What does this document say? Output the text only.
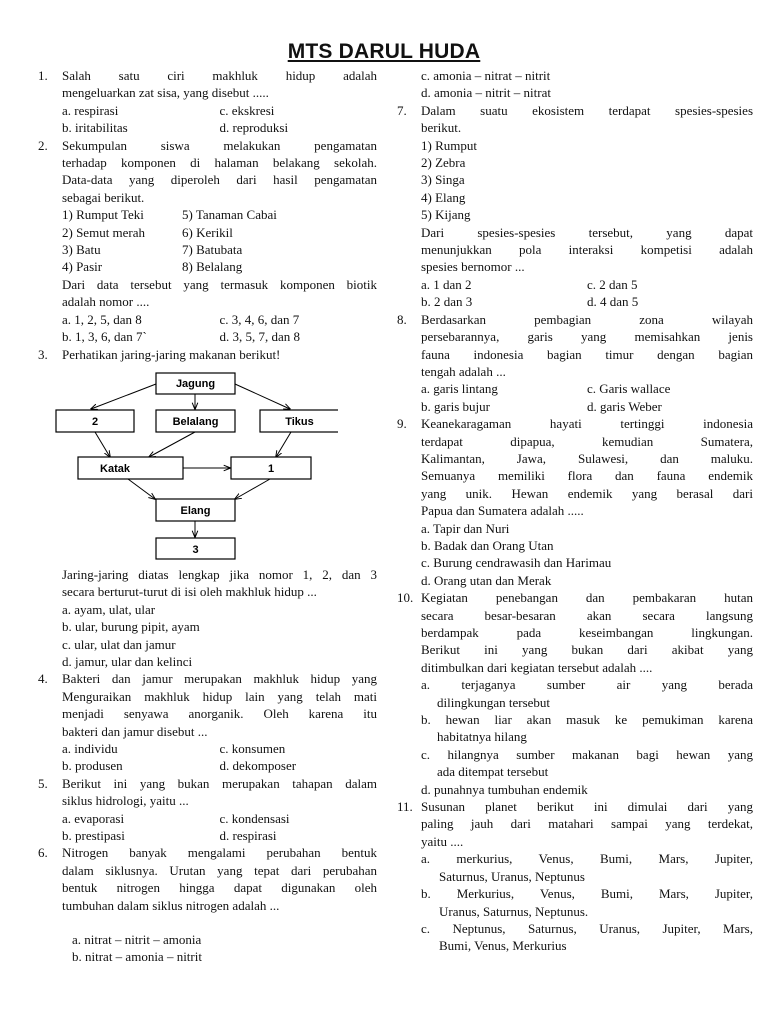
MTS DARUL HUDA
1.	Salah satu ciri makhluk hidup adalah
mengeluarkan zat sisa, yang disebut .....
a. respirasi	c. ekskresi
b. iritabilitas	d. reproduksi
2.	Sekumpulan siswa melakukan pengamatan
terhadap komponen di halaman belakang sekolah.
Data-data yang diperoleh dari hasil pengamatan
sebagai berikut.
1) Rumput Teki	5) Tanaman Cabai
2) Semut merah	6) Kerikil
3) Batu	7) Batubata
4) Pasir	8) Belalang
Dari data tersebut yang termasuk komponen biotik
adalah nomor ....
a. 1, 2, 5, dan 8	c. 3, 4, 6, dan 7
b. 1, 3, 6, dan 7`	d. 3, 5, 7, dan 8
3.	Perhatikan jaring-jaring makanan berikut!
Jagung
2	Belalang	Tikus
Katak	1
Elang
3
Jaring-jaring diatas lengkap jika nomor 1, 2, dan 3
secara berturut-turut di isi oleh makhluk hidup ...
a. ayam, ulat, ular
b. ular, burung pipit, ayam
c. ular, ulat dan jamur
d. jamur, ular dan kelinci
4.	Bakteri dan jamur merupakan makhluk hidup yang
Menguraikan makhluk hidup lain yang telah mati
menjadi senyawa anorganik. Oleh karena itu
bakteri dan jamur disebut ...
a. individu	c. konsumen
b. produsen	d. dekomposer
5.	Berikut ini yang bukan merupakan tahapan dalam
siklus hidrologi, yaitu ...
a. evaporasi	c. kondensasi
b. prestipasi	d. respirasi
6.	Nitrogen banyak mengalami perubahan bentuk
dalam siklusnya. Urutan yang tepat dari perubahan
bentuk nitrogen hingga dapat digunakan oleh
tumbuhan dalam siklus nitrogen adalah ...
a. nitrat – nitrit – amonia
b. nitrat – amonia – nitrit
c. amonia – nitrat – nitrit
d. amonia – nitrit – nitrat
7.	Dalam suatu ekosistem terdapat spesies-spesies
berikut.
1) Rumput
2) Zebra
3) Singa
4) Elang
5) Kijang
Dari spesies-spesies tersebut, yang dapat
menunjukkan pola interaksi kompetisi adalah
spesies bernomor ...
a. 1 dan 2	c. 2 dan 5
b. 2 dan 3	d. 4 dan 5
8.	Berdasarkan pembagian zona wilayah
persebarannya, garis yang memisahkan jenis
fauna indonesia bagian timur dengan bagian
tengah adalah ...
a. garis lintang	c. Garis wallace
b. garis bujur	d. garis Weber
9.	Keanekaragaman hayati tertinggi indonesia
terdapat dipapua, kemudian Sumatera,
Kalimantan, Jawa, Sulawesi, dan maluku.
Semuanya memiliki flora dan fauna endemik
yang unik. Hewan endemik yang berasal dari
Papua dan Sumatera adalah .....
a. Tapir dan Nuri
b. Badak dan Orang Utan
c. Burung cendrawasih dan Harimau
d. Orang utan dan Merak
10. Kegiatan penebangan dan pembakaran hutan
secara besar-besaran akan secara langsung
berdampak pada keseimbangan lingkungan.
Berikut ini yang bukan dari akibat yang
ditimbulkan dari kegiatan tersebut adalah ....
a. terjaganya sumber air yang berada
dilingkungan tersebut
b. hewan liar akan masuk ke pemukiman karena
habitatnya hilang
c. hilangnya sumber makanan bagi hewan yang
ada ditempat tersebut
d. punahnya tumbuhan endemik
11. Susunan planet berikut ini dimulai dari yang
paling jauh dari matahari sampai yang terdekat,
yaitu ....
a. merkurius, Venus, Bumi, Mars, Jupiter,
Saturnus, Uranus, Neptunus
b. Merkurius, Venus, Bumi, Mars, Jupiter,
Uranus, Saturnus, Neptunus.
c. Neptunus, Saturnus, Uranus, Jupiter, Mars,
Bumi, Venus, Merkurius
